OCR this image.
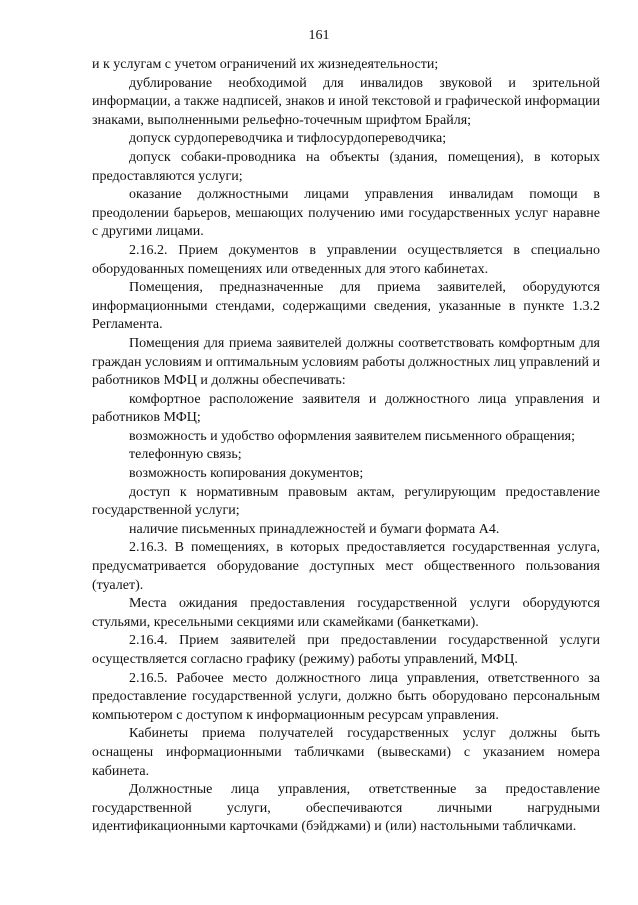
161

и к услугам с учетом ограничений их жизнедеятельности;

дублирование необходимой для инвалидов звуковой и зрительной информации, а также надписей, знаков и иной текстовой и графической информации знаками, выполненными рельефно-точечным шрифтом Брайля;

допуск сурдопереводчика и тифлосурдопереводчика;

допуск собаки-проводника на объекты (здания, помещения), в которых предоставляются услуги;

оказание должностными лицами управления инвалидам помощи в преодолении барьеров, мешающих получению ими государственных услуг наравне с другими лицами.

2.16.2. Прием документов в управлении осуществляется в специально оборудованных помещениях или отведенных для этого кабинетах.

Помещения, предназначенные для приема заявителей, оборудуются информационными стендами, содержащими сведения, указанные в пункте 1.3.2 Регламента.

Помещения для приема заявителей должны соответствовать комфортным для граждан условиям и оптимальным условиям работы должностных лиц управлений и работников МФЦ и должны обеспечивать:

комфортное расположение заявителя и должностного лица управления и работников МФЦ;

возможность и удобство оформления заявителем письменного обращения;

телефонную связь;

возможность копирования документов;

доступ к нормативным правовым актам, регулирующим предоставление государственной услуги;

наличие письменных принадлежностей и бумаги формата А4.

2.16.3. В помещениях, в которых предоставляется государственная услуга, предусматривается оборудование доступных мест общественного пользования (туалет).

Места ожидания предоставления государственной услуги оборудуются стульями, кресельными секциями или скамейками (банкетками).

2.16.4. Прием заявителей при предоставлении государственной услуги осуществляется согласно графику (режиму) работы управлений, МФЦ.

2.16.5. Рабочее место должностного лица управления, ответственного за предоставление государственной услуги, должно быть оборудовано персональным компьютером с доступом к информационным ресурсам управления.

Кабинеты приема получателей государственных услуг должны быть оснащены информационными табличками (вывесками) с указанием номера кабинета.

Должностные лица управления, ответственные за предоставление государственной услуги, обеспечиваются личными нагрудными идентификационными карточками (бэйджами) и (или) настольными табличками.
